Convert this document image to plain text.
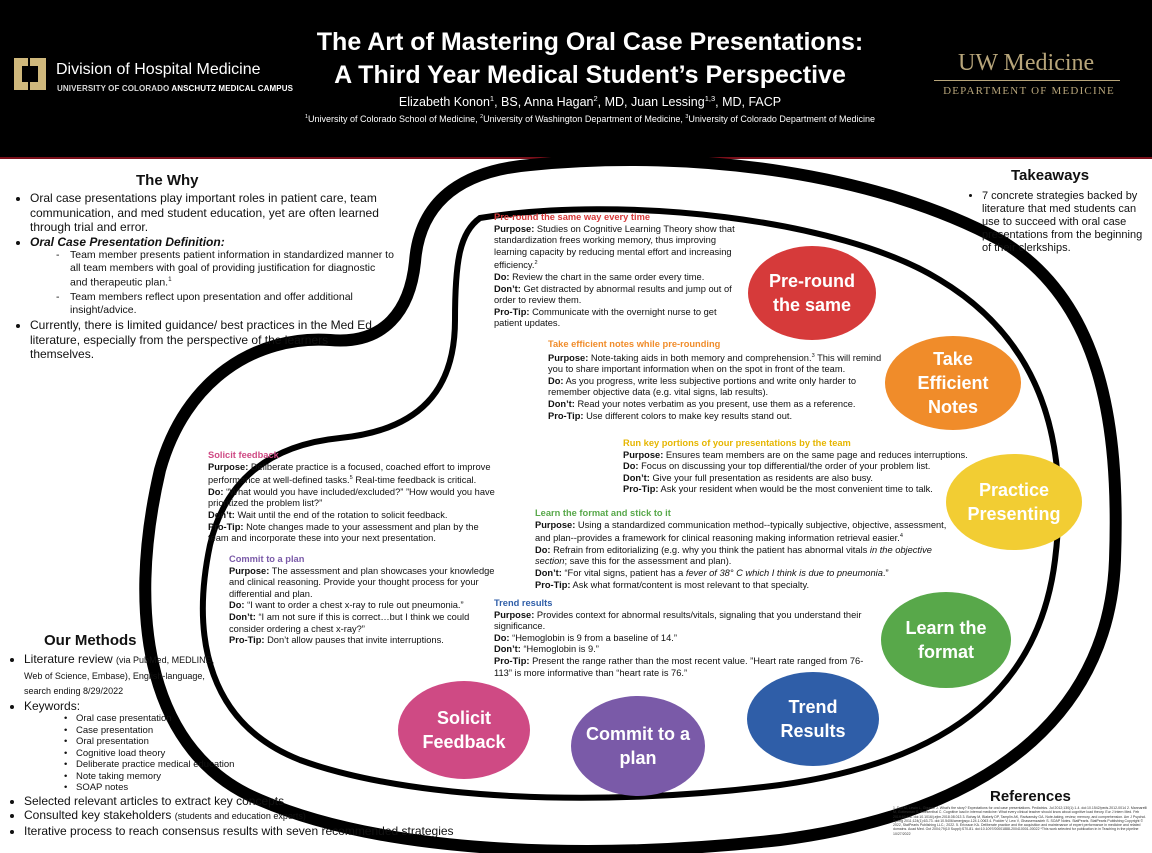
Division of Hospital Medicine
UNIVERSITY OF COLORADO ANSCHUTZ MEDICAL CAMPUS
The Art of Mastering Oral Case Presentations:
A Third Year Medical Student’s Perspective
Elizabeth Konon$^1$, BS, Anna Hagan$^2$, MD, Juan Lessing$^{1,3}$, MD, FACP
$^1$University of Colorado School of Medicine, $^2$University of Washington Department of Medicine, $^3$University of Colorado Department of Medicine
UW Medicine
DEPARTMENT OF MEDICINE
The Why
• Oral case presentations play important roles in patient care, team communication, and med student education, yet are often learned through trial and error.
• Oral Case Presentation Definition:
- Team member presents patient information in standardized manner to all team members with goal of providing justification for diagnostic and therapeutic plan.$^1$
- Team members reflect upon presentation and offer additional insight/advice.
• Currently, there is limited guidance/ best practices in the Med Ed literature, especially from the perspective of the learners themselves.
Our Methods
• Literature review (via PubMed, MEDLINE, Web of Science, Embase), English-language, search ending 8/29/2022
• Keywords:
• Oral case presentation
• Case presentation
• Oral presentation
• Cognitive load theory
• Deliberate practice medical education
• Note taking memory
• SOAP notes
• Selected relevant articles to extract key concepts
• Consulted key stakeholders (students and education experts)
• Iterative process to reach consensus results with seven recommended strategies
Takeaways
• 7 concrete strategies backed by literature that med students can use to succeed with oral case presentations from the beginning of their clerkships.
References
1. Dell M, Lewin L, Gigante J. What's the story? Expectations for oral case presentations. Pediatrics. Jul 2012;130(1):1-4. doi:10.1542/peds.2012-0014 2. Mannarelli M, Gottesman S, Roesenthal C. Cognitive load in internal medicine: What every clinical teacher should know about cognitive load theory. Eur J Intern Med. Feb 2019;60:4-8. doi:10.1016/j.ejim.2018.08.013 3. Bohay M, Blakely DP, Tamplin AK, Radvansky GA. Note-taking, review, memory, and comprehension. Am J Psychol. Spring 2011;124(1):63-73. doi:10.5406/amerjpsyc.124.1.0063 4. Podder V, Lew V, Ghassemzadeh S. SOAP Notes. StatPearls. StatPearls Publishing Copyright © 2022, StatPearls Publishing LLC.; 2022. 5. Ericsson KA. Deliberate practice and the acquisition and maintenance of expert performance in medicine and related domains. Acad Med. Oct 2004;79(10 Suppl):S70-81. doi:10.1097/00001888-200410001-00022 *This work selected for publication in in Teaching in the pipeline 10/27/2022
Pre-round the same way every time
Purpose: Studies on Cognitive Learning Theory show that standardization frees working memory, thus improving learning capacity by reducing mental effort and increasing efficiency.$^2$
Do: Review the chart in the same order every time.
Don’t: Get distracted by abnormal results and jump out of order to review them.
Pro-Tip: Communicate with the overnight nurse to get patient updates.
Take efficient notes while pre-rounding
Purpose: Note-taking aids in both memory and comprehension.$^3$ This will remind you to share important information when on the spot in front of the team.
Do: As you progress, write less subjective portions and write only harder to remember objective data (e.g. vital signs, lab results).
Don’t: Read your notes verbatim as you present, use them as a reference.
Pro-Tip: Use different colors to make key results stand out.
Run key portions of your presentations by the team
Purpose: Ensures team members are on the same page and reduces interruptions.
Do: Focus on discussing your top differential/the order of your problem list.
Don’t: Give your full presentation as residents are also busy.
Pro-Tip: Ask your resident when would be the most convenient time to talk.
Learn the format and stick to it
Purpose: Using a standardized communication method--typically subjective, objective, assessment, and plan--provides a framework for clinical reasoning making information retrieval easier.$^4$
Do: Refrain from editorializing (e.g. why you think the patient has abnormal vitals in the objective section; save this for the assessment and plan).
Don’t: “For vital signs, patient has a fever of 38° C which I think is due to pneumonia.”
Pro-Tip: Ask what format/content is most relevant to that specialty.
Solicit feedback
Purpose: Deliberate practice is a focused, coached effort to improve performance at well-defined tasks.$^5$ Real-time feedback is critical.
Do: “What would you have included/excluded?” ”How would you have prioritized the problem list?”
Don’t: Wait until the end of the rotation to solicit feedback.
Pro-Tip: Note changes made to your assessment and plan by the team and incorporate these into your next presentation.
Commit to a plan
Purpose: The assessment and plan showcases your knowledge and clinical reasoning. Provide your thought process for your differential and plan.
Do: “I want to order a chest x-ray to rule out pneumonia.”
Don’t: “I am not sure if this is correct…but I think we could consider ordering a chest x-ray?”
Pro-Tip: Don’t allow pauses that invite interruptions.
Trend results
Purpose: Provides context for abnormal results/vitals, signaling that you understand their significance.
Do: “Hemoglobin is 9 from a baseline of 14.”
Don’t: “Hemoglobin is 9.”
Pro-Tip: Present the range rather than the most recent value. ”Heart rate ranged from 76-113” is more informative than “heart rate is 76.”
Pre-round the same
Take Efficient Notes
Practice Presenting
Learn the format
Trend Results
Commit to a plan
Solicit Feedback
